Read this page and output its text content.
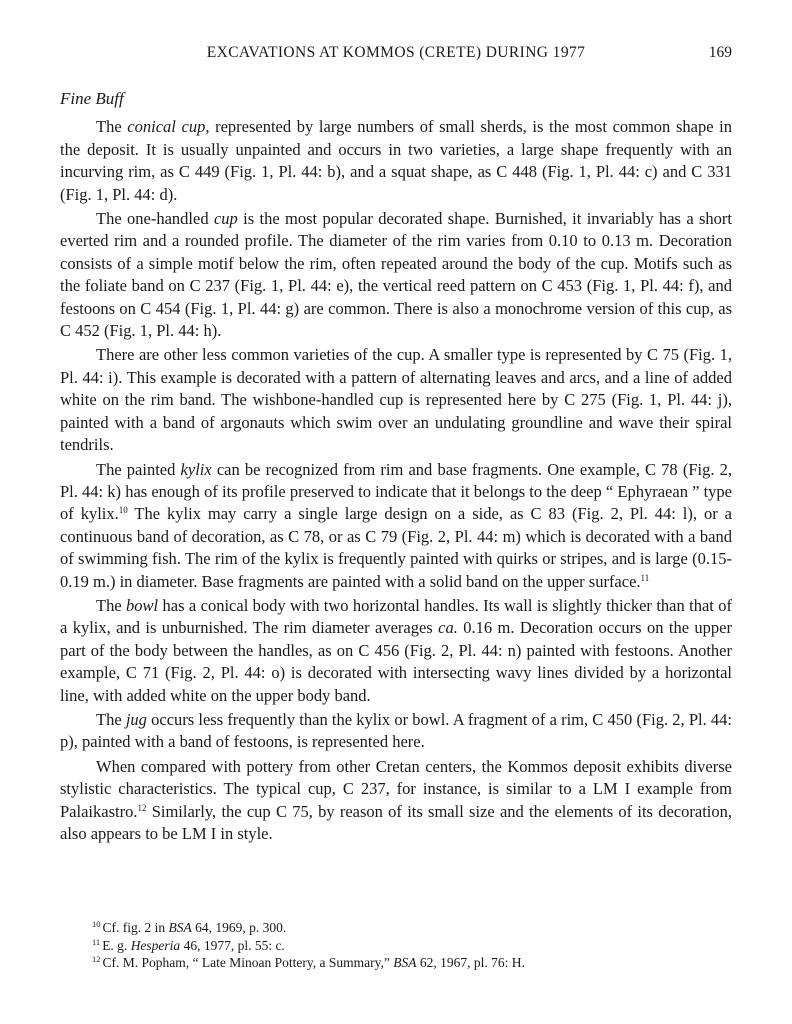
EXCAVATIONS AT KOMMOS (CRETE) DURING 1977	169
Fine Buff

The conical cup, represented by large numbers of small sherds, is the most common shape in the deposit. It is usually unpainted and occurs in two varieties, a large shape frequently with an incurving rim, as C 449 (Fig. 1, Pl. 44: b), and a squat shape, as C 448 (Fig. 1, Pl. 44: c) and C 331 (Fig. 1, Pl. 44: d).

The one-handled cup is the most popular decorated shape. Burnished, it invariably has a short everted rim and a rounded profile. The diameter of the rim varies from 0.10 to 0.13 m. Decoration consists of a simple motif below the rim, often repeated around the body of the cup. Motifs such as the foliate band on C 237 (Fig. 1, Pl. 44: e), the vertical reed pattern on C 453 (Fig. 1, Pl. 44: f), and festoons on C 454 (Fig. 1, Pl. 44: g) are common. There is also a monochrome version of this cup, as C 452 (Fig. 1, Pl. 44: h).

There are other less common varieties of the cup. A smaller type is represented by C 75 (Fig. 1, Pl. 44: i). This example is decorated with a pattern of alternating leaves and arcs, and a line of added white on the rim band. The wishbone-handled cup is represented here by C 275 (Fig. 1, Pl. 44: j), painted with a band of argonauts which swim over an undulating groundline and wave their spiral tendrils.

The painted kylix can be recognized from rim and base fragments. One example, C 78 (Fig. 2, Pl. 44: k) has enough of its profile preserved to indicate that it belongs to the deep “ Ephyraean ” type of kylix.$^{10}$ The kylix may carry a single large design on a side, as C 83 (Fig. 2, Pl. 44: l), or a continuous band of decoration, as C 78, or as C 79 (Fig. 2, Pl. 44: m) which is decorated with a band of swimming fish. The rim of the kylix is frequently painted with quirks or stripes, and is large (0.15-0.19 m.) in diameter. Base fragments are painted with a solid band on the upper surface.$^{11}$

The bowl has a conical body with two horizontal handles. Its wall is slightly thicker than that of a kylix, and is unburnished. The rim diameter averages ca. 0.16 m. Decoration occurs on the upper part of the body between the handles, as on C 456 (Fig. 2, Pl. 44: n) painted with festoons. Another example, C 71 (Fig. 2, Pl. 44: o) is decorated with intersecting wavy lines divided by a horizontal line, with added white on the upper body band.

The jug occurs less frequently than the kylix or bowl. A fragment of a rim, C 450 (Fig. 2, Pl. 44: p), painted with a band of festoons, is represented here.

When compared with pottery from other Cretan centers, the Kommos deposit exhibits diverse stylistic characteristics. The typical cup, C 237, for instance, is similar to a LM I example from Palaikastro.$^{12}$ Similarly, the cup C 75, by reason of its small size and the elements of its decoration, also appears to be LM I in style.

$^{10}$ Cf. fig. 2 in BSA 64, 1969, p. 300.
$^{11}$ E. g. Hesperia 46, 1977, pl. 55: c.
$^{12}$ Cf. M. Popham, “ Late Minoan Pottery, a Summary,” BSA 62, 1967, pl. 76: H.
